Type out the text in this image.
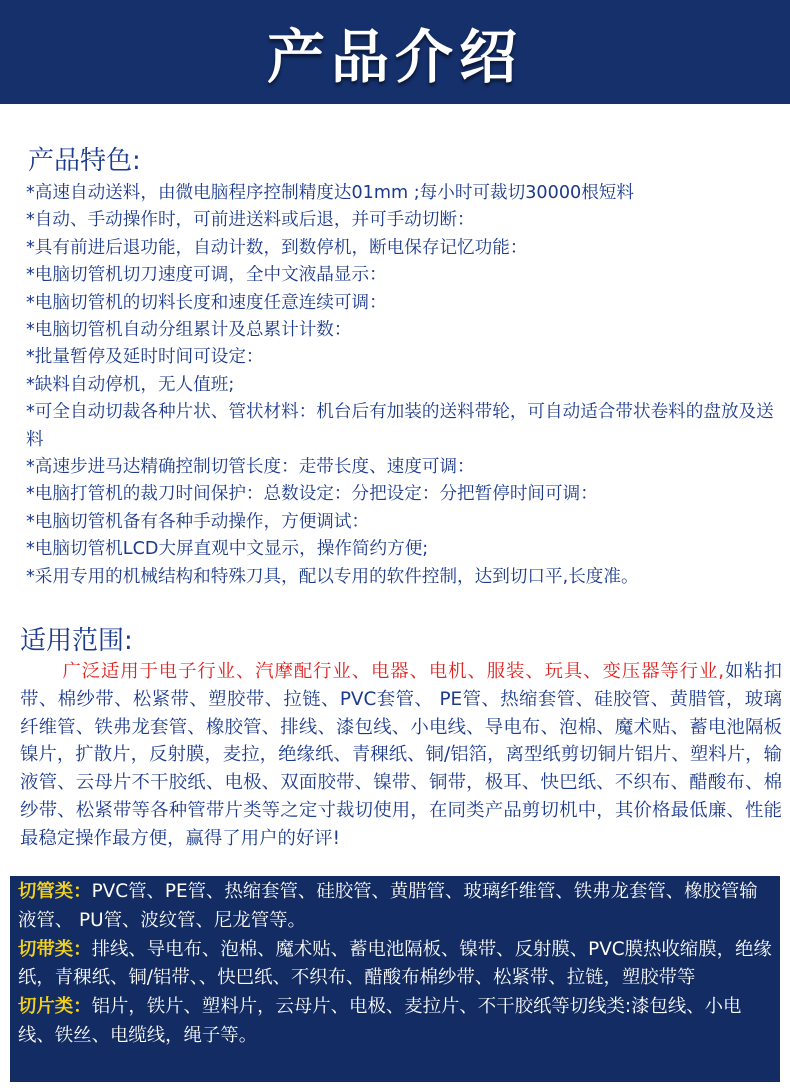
产品介绍
产品特色:
*高速自动送料，由微电脑程序控制精度达01mm ;每小时可裁切30000根短料
*自动、手动操作时，可前进送料或后退，并可手动切断：
*具有前进后退功能，自动计数，到数停机，断电保存记忆功能：
*电脑切管机切刀速度可调，全中文液晶显示：
*电脑切管机的切料长度和速度任意连续可调：
*电脑切管机自动分组累计及总累计计数：
*批量暂停及延时时间可设定：
*缺料自动停机，无人值班;
*可全自动切裁各种片状、管状材料：机台后有加装的送料带轮，可自动适合带状卷料的盘放及送料
*高速步进马达精确控制切管长度：走带长度、速度可调：
*电脑打管机的裁刀时间保护：总数设定：分把设定：分把暂停时间可调：
*电脑切管机备有各种手动操作，方便调试：
*电脑切管机LCD大屏直观中文显示，操作简约方便;
*采用专用的机械结构和特殊刀具，配以专用的软件控制，达到切口平,长度准。
适用范围:
广泛适用于电子行业、汽摩配行业、电器、电机、服装、玩具、变压器等行业,如粘扣带、棉纱带、松紧带、塑胶带、拉链、PVC套管、 PE管、热缩套管、硅胶管、黄腊管，玻璃纤维管、铁弗龙套管、橡胶管、排线、漆包线、小电线、导电布、泡棉、魔术贴、蓄电池隔板镍片，扩散片，反射膜，麦拉，绝缘纸、青稞纸、铜/铝箔，离型纸剪切铜片铝片、塑料片，输液管、云母片不干胶纸、电极、双面胶带、镍带、铜带，极耳、快巴纸、不织布、醋酸布、棉纱带、松紧带等各种管带片类等之定寸裁切使用，在同类产品剪切机中，其价格最低廉、性能最稳定操作最方便，赢得了用户的好评!
切管类：PVC管、PE管、热缩套管、硅胶管、黄腊管、玻璃纤维管、铁弗龙套管、橡胶管输液管、 PU管、波纹管、尼龙管等。
切带类：排线、导电布、泡棉、魔术贴、蓄电池隔板、镍带、反射膜、PVC膜热收缩膜，绝缘纸，青稞纸、铜/铝带、、快巴纸、不织布、醋酸布棉纱带、松紧带、拉链，塑胶带等
切片类：铝片，铁片、塑料片，云母片、电极、麦拉片、不干胶纸等切线类:漆包线、小电线、铁丝、电缆线，绳子等。
